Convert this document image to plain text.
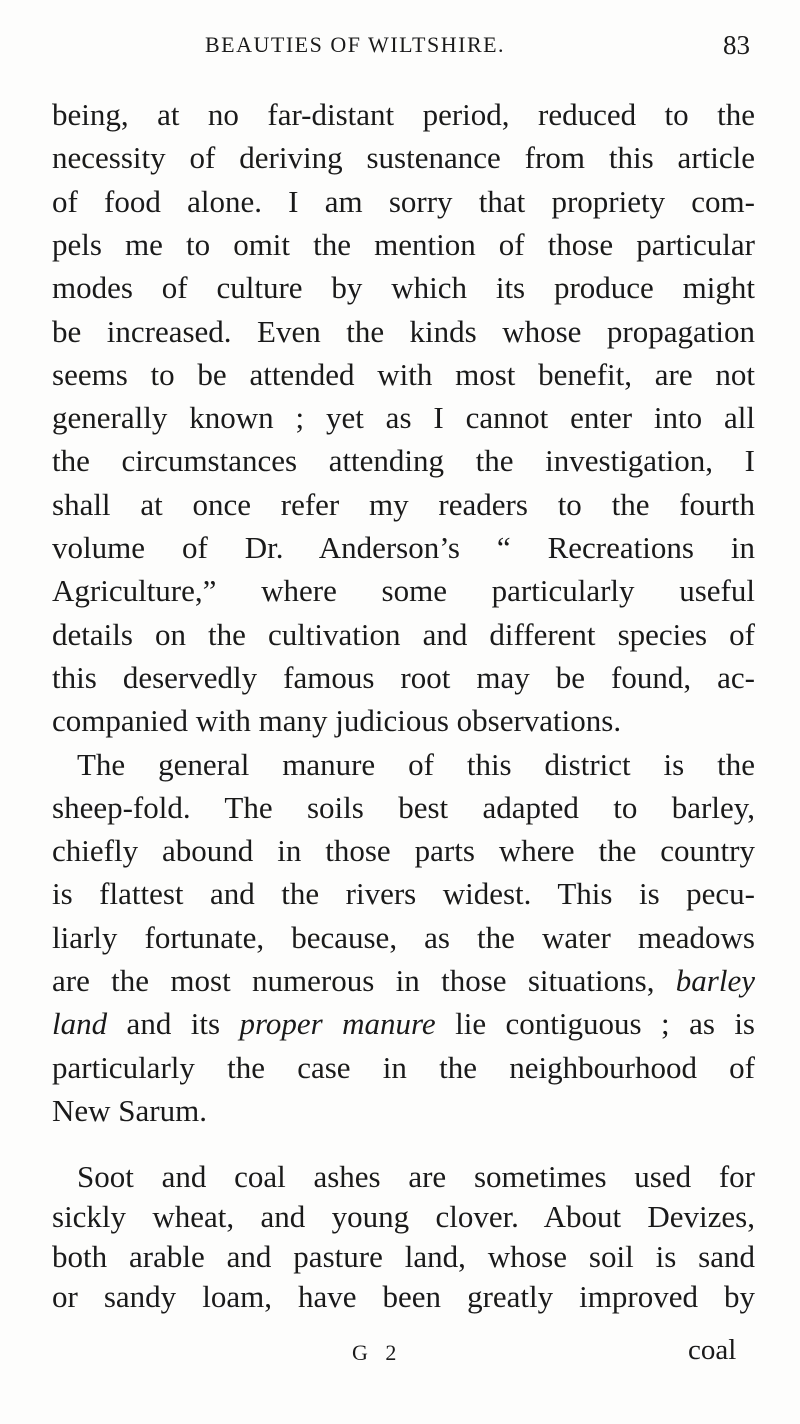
BEAUTIES OF WILTSHIRE.	83
being, at no far-distant period, reduced to the
necessity of deriving sustenance from this article
of food alone. I am sorry that propriety com-
pels me to omit the mention of those particular
modes of culture by which its produce might
be increased. Even the kinds whose propagation
seems to be attended with most benefit, are not
generally known ; yet as I cannot enter into all
the circumstances attending the investigation, I
shall at once refer my readers to the fourth
volume of Dr. Anderson’s “ Recreations in
Agriculture,” where some particularly useful
details on the cultivation and different species of
this deservedly famous root may be found, ac-
companied with many judicious observations.
The general manure of this district is the
sheep-fold. The soils best adapted to barley,
chiefly abound in those parts where the country
is flattest and the rivers widest. This is pecu-
liarly fortunate, because, as the water meadows
are the most numerous in those situations, barley
land and its proper manure lie contiguous ; as is
particularly the case in the neighbourhood of
New Sarum.
Soot and coal ashes are sometimes used for
sickly wheat, and young clover. About Devizes,
both arable and pasture land, whose soil is sand
or sandy loam, have been greatly improved by
G 2	coal
